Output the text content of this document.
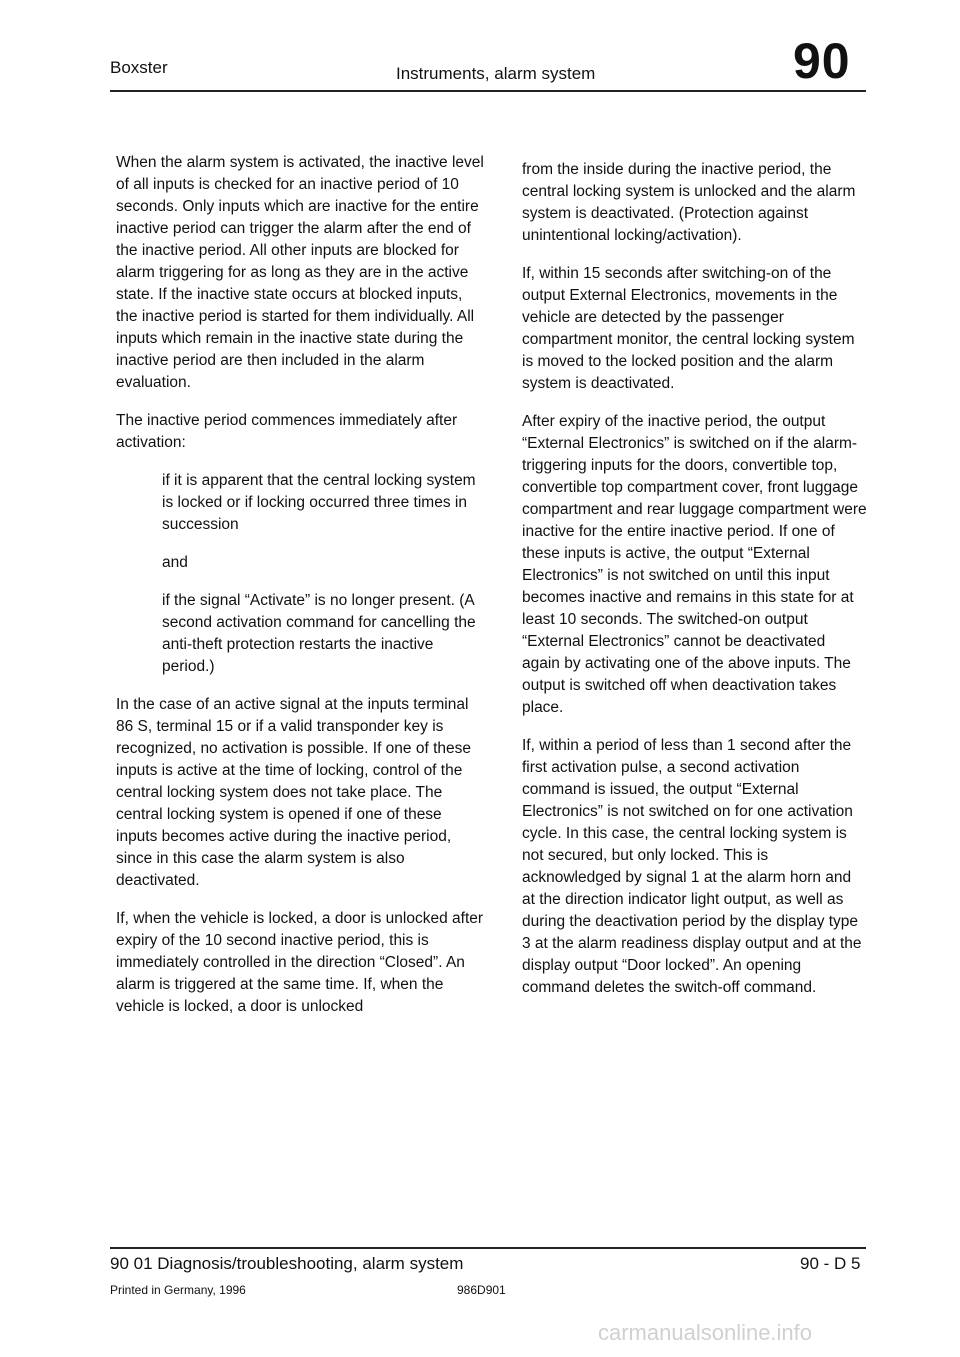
Boxster	Instruments, alarm system	90

When the alarm system is activated, the inactive level of all inputs is checked for an inactive period of 10 seconds. Only inputs which are inactive for the entire inactive period can trigger the alarm after the end of the inactive period. All other inputs are blocked for alarm triggering for as long as they are in the active state. If the inactive state occurs at blocked inputs, the inactive period is started for them individually. All inputs which remain in the inactive state during the inactive period are then included in the alarm evaluation.

The inactive period commences immediately after activation:

if it is apparent that the central locking system is locked or if locking occurred three times in succession

and

if the signal “Activate” is no longer present. (A second activation command for cancelling the anti-theft protection restarts the inactive period.)

In the case of an active signal at the inputs terminal 86 S, terminal 15 or if a valid transponder key is recognized, no activation is possible. If one of these inputs is active at the time of locking, control of the central locking system does not take place. The central locking system is opened if one of these inputs becomes active during the inactive period, since in this case the alarm system is also deactivated.

If, when the vehicle is locked, a door is unlocked after expiry of the 10 second inactive period, this is immediately controlled in the direction “Closed”. An alarm is triggered at the same time. If, when the vehicle is locked, a door is unlocked

from the inside during the inactive period, the central locking system is unlocked and the alarm system is deactivated. (Protection against unintentional locking/activation).

If, within 15 seconds after switching-on of the output External Electronics, movements in the vehicle are detected by the passenger compartment monitor, the central locking system is moved to the locked position and the alarm system is deactivated.

After expiry of the inactive period, the output “External Electronics” is switched on if the alarm-triggering inputs for the doors, convertible top, convertible top compartment cover, front luggage compartment and rear luggage compartment were inactive for the entire inactive period. If one of these inputs is active, the output “External Electronics” is not switched on until this input becomes inactive and remains in this state for at least 10 seconds. The switched-on output “External Electronics” cannot be deactivated again by activating one of the above inputs. The output is switched off when deactivation takes place.

If, within a period of less than 1 second after the first activation pulse, a second activation command is issued, the output “External Electronics” is not switched on for one activation cycle. In this case, the central locking system is not secured, but only locked. This is acknowledged by signal 1 at the alarm horn and at the direction indicator light output, as well as during the deactivation period by the display type 3 at the alarm readiness display output and at the display output “Door locked”. An opening command deletes the switch-off command.

90 01 Diagnosis/troubleshooting, alarm system	90 - D 5
Printed in Germany, 1996	986D901
carmanualsonline.info
